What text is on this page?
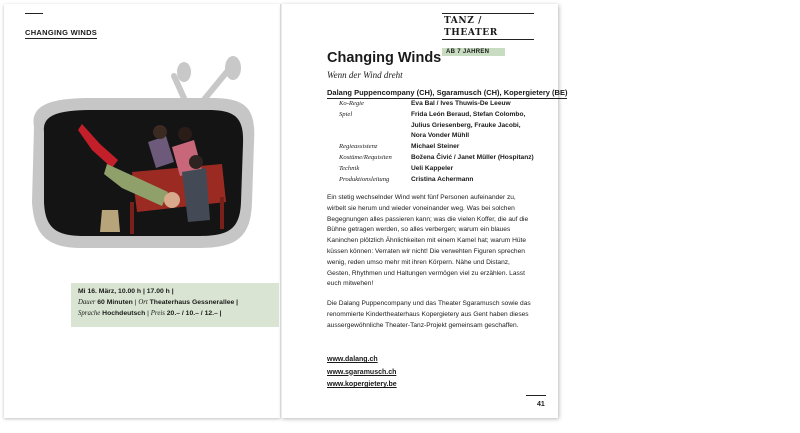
CHANGING WINDS
Mi 16. März, 10.00 h | 17.00 h |
Dauer 60 Minuten | Ort Theaterhaus Gessnerallee |
Sprache Hochdeutsch | Preis 20.– / 10.– / 12.– |
TANZ / THEATER
AB 7 JAHREN
Changing Winds
Wenn der Wind dreht
Dalang Puppencompany (CH), Sgaramusch (CH), Kopergietery (BE)
Ko-Regie	Eva Bal / Ives Thuwis-De Leeuw
Spiel	Frida León Beraud, Stefan Colombo, Julius Griesenberg, Frauke Jacobi, Nora Vonder Mühll
Regieassistenz	Michael Steiner
Kostüme/Requisiten	Božena Čivić / Janet Müller (Hospitanz)
Technik	Ueli Kappeler
Produktionsleitung	Cristina Achermann
Ein stetig wechselnder Wind weht fünf Personen aufeinander zu, wirbelt sie herum und wieder voneinander weg. Was bei solchen Begegnungen alles passieren kann; was die vielen Koffer, die auf die Bühne getragen werden, so alles verbergen; warum ein blaues Kaninchen plötzlich Ähnlichkeiten mit einem Kamel hat; warum Hüte küssen können: Verraten wir nicht! Die verwehten Figuren sprechen wenig, reden umso mehr mit ihren Körpern. Nähe und Distanz, Gesten, Rhythmen und Haltungen vermögen viel zu erzählen. Lasst euch mitwehen!
Die Dalang Puppencompany und das Theater Sgaramusch sowie das renommierte Kindertheaterhaus Kopergietery aus Gent haben dieses aussergewöhnliche Theater-Tanz-Projekt gemeinsam geschaffen.
www.dalang.ch
www.sgaramusch.ch
www.kopergietery.be
41
